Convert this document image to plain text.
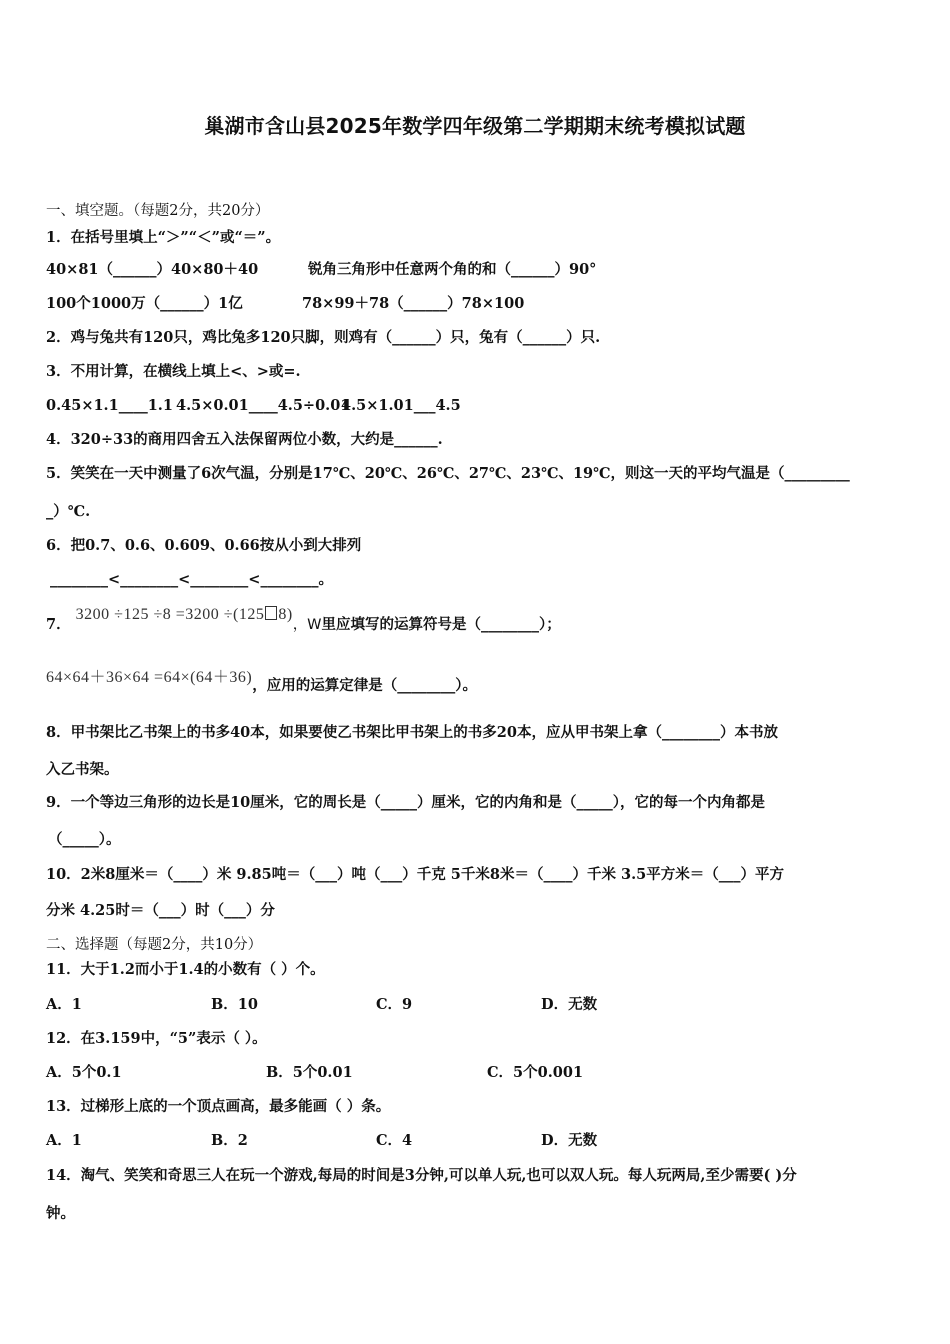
巢湖市含山县2025年数学四年级第二学期期末统考模拟试题
一、填空题。（每题2分，共20分）
1．在括号里填上“＞”“＜”或“＝”。
40×81（______）40×80＋40	锐角三角形中任意两个角的和（______）90°
100个1000万（______）1亿	78×99＋78（______）78×100
2．鸡与兔共有120只，鸡比兔多120只脚，则鸡有（______）只，兔有（______）只.
3．不用计算，在横线上填上<、>或=.
0.45×1.1____1.1 4.5×0.01____4.5÷0.01
4.5×1.01___4.5
4．320÷33的商用四舍五入法保留两位小数，大约是______.
5．笑笑在一天中测量了6次气温，分别是17℃、20℃、26℃、27℃、23℃、19℃，则这一天的平均气温是（_________
_）℃.
6．把0.7、0.6、0.609、0.66按从小到大排列
________<________<________<________。
7． 3200 ÷125 ÷8 =3200 ÷(125 8)，W里应填写的运算符号是（________）；
64×64＋36×64 =64×(64＋36)，应用的运算定律是（________）。
8．甲书架比乙书架上的书多40本，如果要使乙书架比甲书架上的书多20本，应从甲书架上拿（________）本书放
入乙书架。
9．一个等边三角形的边长是10厘米，它的周长是（_____）厘米，它的内角和是（_____），它的每一个内角都是
（_____）。
10．2米8厘米＝（____）米 9.85吨＝（___）吨（___）千克 5千米8米＝（____）千米 3.5平方米＝（___）平方
分米 4.25时＝（___）时（___）分
二、选择题（每题2分，共10分）
11．大于1.2而小于1.4的小数有（ ）个。
A．1	B．10	C．9	D．无数
12．在3.159中，“5”表示（ ）。
A．5个0.1	B．5个0.01	C．5个0.001
13．过梯形上底的一个顶点画高，最多能画（ ）条。
A．1	B．2	C．4	D．无数
14．淘气、笑笑和奇思三人在玩一个游戏,每局的时间是3分钟,可以单人玩,也可以双人玩。每人玩两局,至少需要( )分
钟。
